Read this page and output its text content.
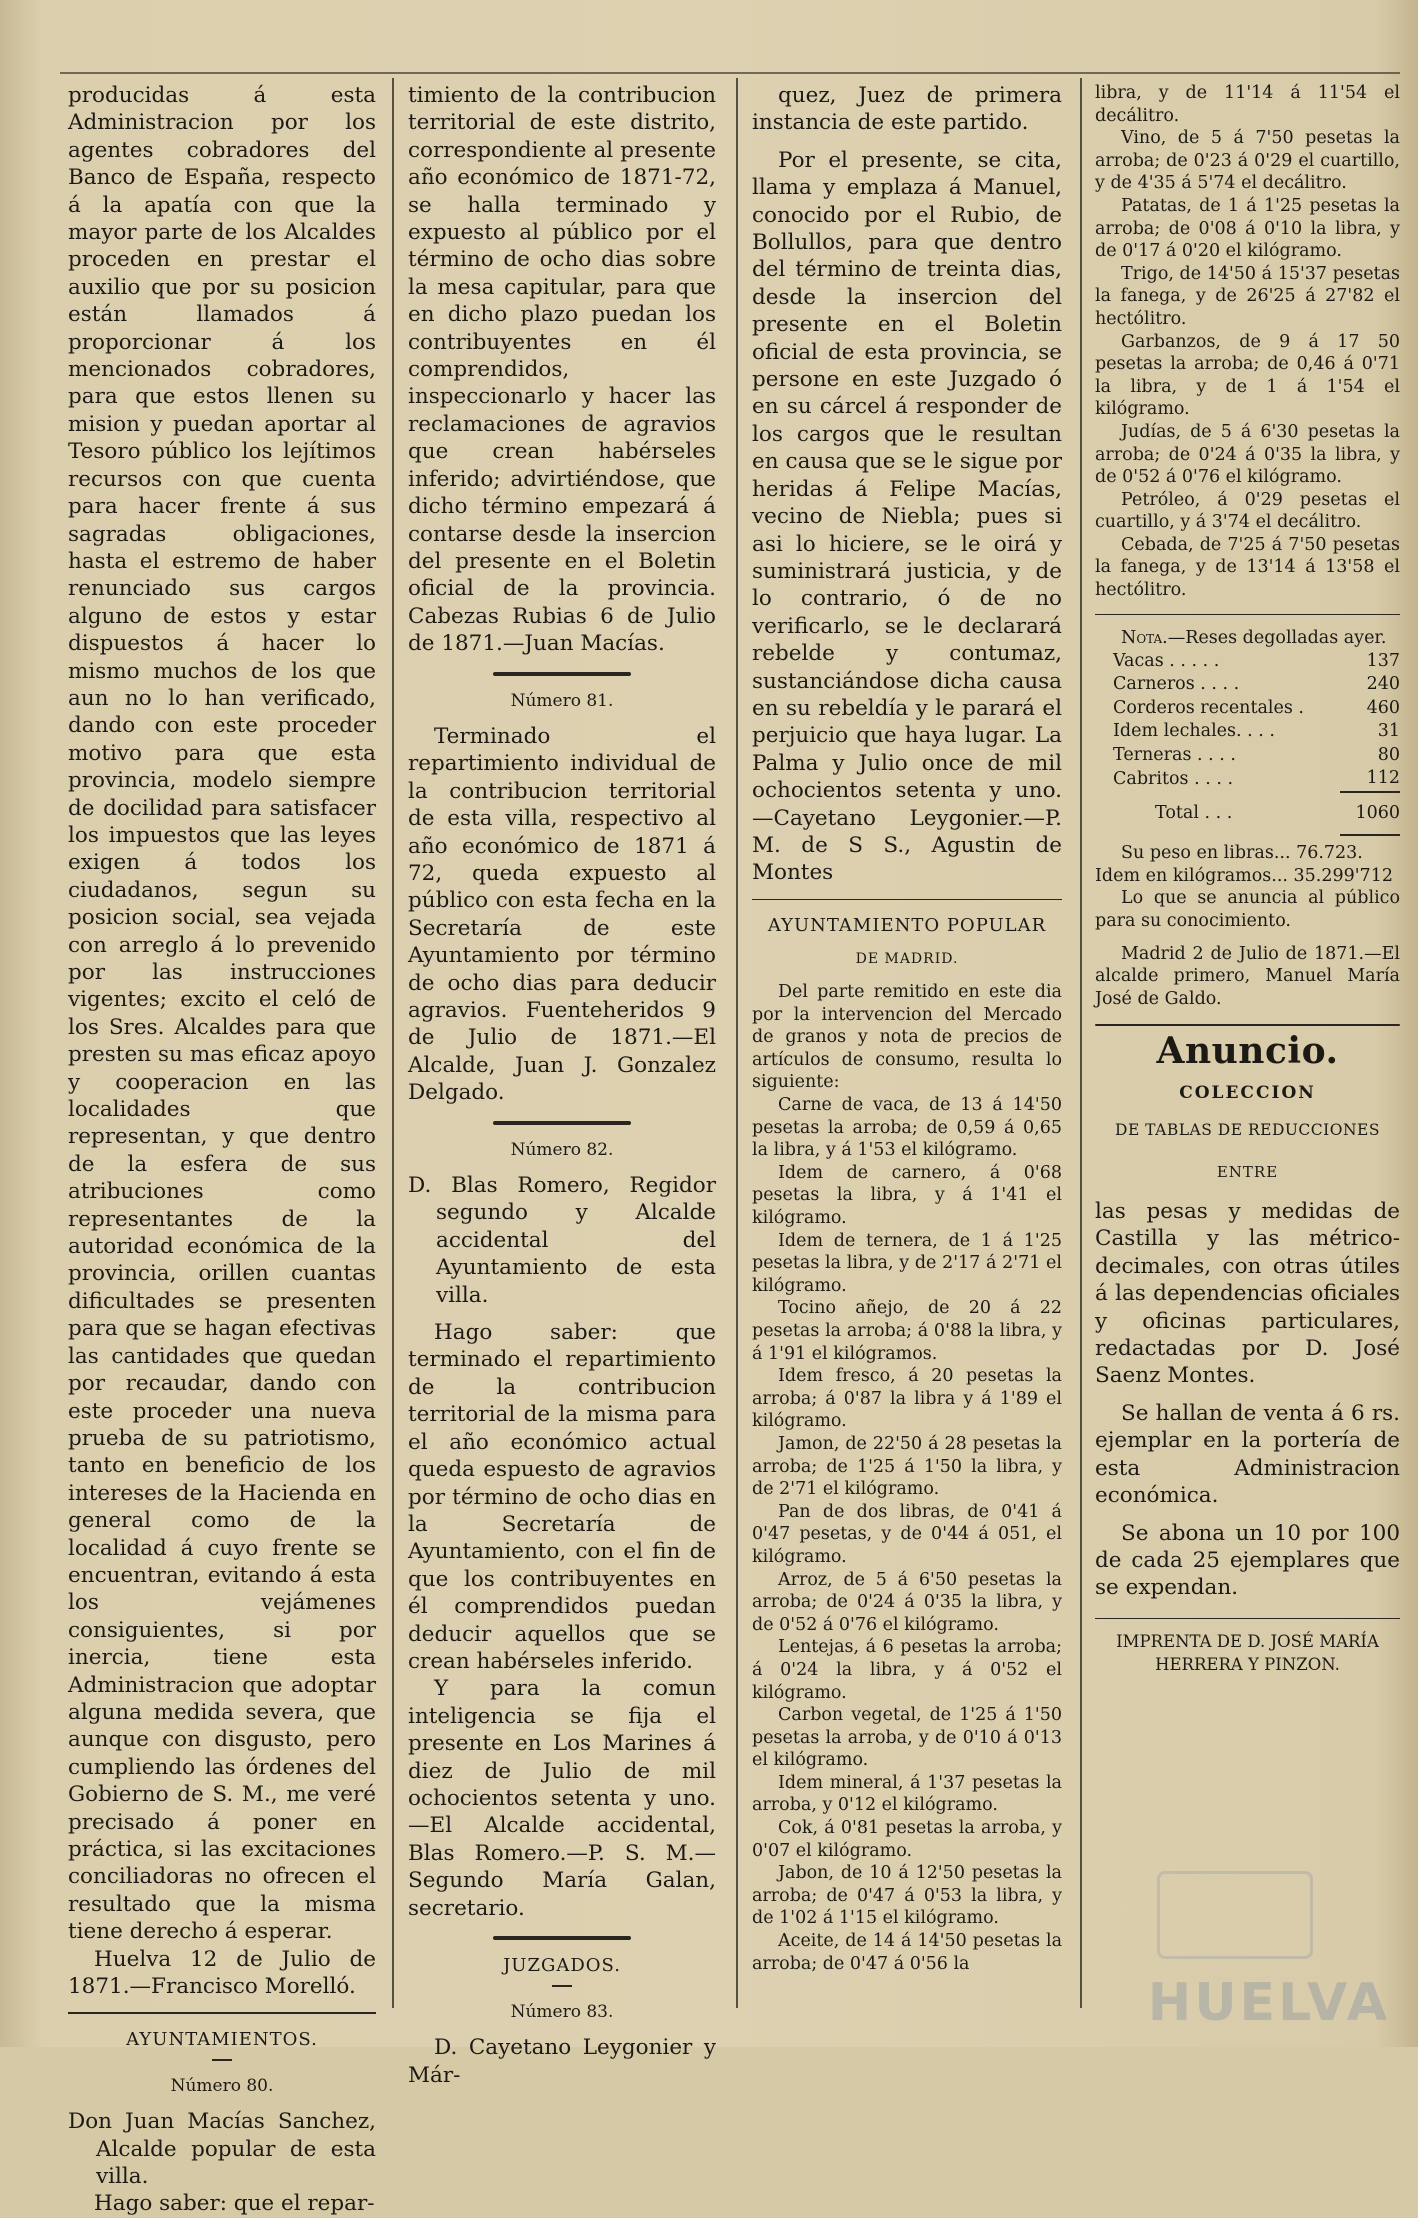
producidas á esta Administracion por los agentes cobradores del Banco de España, respecto á la apatía con que la mayor parte de los Alcaldes proceden en prestar el auxilio que por su posicion están llamados á proporcionar á los mencionados cobradores, para que estos llenen su mision y puedan aportar al Tesoro público los lejítimos recursos con que cuenta para hacer frente á sus sagradas obligaciones, hasta el estremo de haber renunciado sus cargos alguno de estos y estar dispuestos á hacer lo mismo muchos de los que aun no lo han verificado, dando con este proceder motivo para que esta provincia, modelo siempre de docilidad para satisfacer los impuestos que las leyes exigen á todos los ciudadanos, segun su posicion social, sea vejada con arreglo á lo prevenido por las instrucciones vigentes; excito el celó de los Sres. Alcaldes para que presten su mas eficaz apoyo y cooperacion en las localidades que representan, y que dentro de la esfera de sus atribuciones como representantes de la autoridad económica de la provincia, orillen cuantas dificultades se presenten para que se hagan efectivas las cantidades que quedan por recaudar, dando con este proceder una nueva prueba de su patriotismo, tanto en beneficio de los intereses de la Hacienda en general como de la localidad á cuyo frente se encuentran, evitando á esta los vejámenes consiguientes, si por inercia, tiene esta Administracion que adoptar alguna medida severa, que aunque con disgusto, pero cumpliendo las órdenes del Gobierno de S. M., me veré precisado á poner en práctica, si las excitaciones conciliadoras no ofrecen el resultado que la misma tiene derecho á esperar.

Huelva 12 de Julio de 1871.—Francisco Morelló.

AYUNTAMIENTOS.

Número 80.

Don Juan Macías Sanchez, Alcalde popular de esta villa.

Hago saber: que el repar-

timiento de la contribucion territorial de este distrito, correspondiente al presente año económico de 1871-72, se halla terminado y expuesto al público por el término de ocho dias sobre la mesa capitular, para que en dicho plazo puedan los contribuyentes en él comprendidos, inspeccionarlo y hacer las reclamaciones de agravios que crean habérseles inferido; advirtiéndose, que dicho término empezará á contarse desde la insercion del presente en el Boletin oficial de la provincia. Cabezas Rubias 6 de Julio de 1871.—Juan Macías.

Número 81.

Terminado el repartimiento individual de la contribucion territorial de esta villa, respectivo al año económico de 1871 á 72, queda expuesto al público con esta fecha en la Secretaría de este Ayuntamiento por término de ocho dias para deducir agravios. Fuenteheridos 9 de Julio de 1871.—El Alcalde, Juan J. Gonzalez Delgado.

Número 82.

D. Blas Romero, Regidor segundo y Alcalde accidental del Ayuntamiento de esta villa.

Hago saber: que terminado el repartimiento de la contribucion territorial de la misma para el año económico actual queda espuesto de agravios por término de ocho dias en la Secretaría de Ayuntamiento, con el fin de que los contribuyentes en él comprendidos puedan deducir aquellos que se crean habérseles inferido.

Y para la comun inteligencia se fija el presente en Los Marines á diez de Julio de mil ochocientos setenta y uno.—El Alcalde accidental, Blas Romero.—P. S. M.—Segundo María Galan, secretario.

JUZGADOS.

Número 83.

D. Cayetano Leygonier y Már-

quez, Juez de primera instancia de este partido.

Por el presente, se cita, llama y emplaza á Manuel, conocido por el Rubio, de Bollullos, para que dentro del término de treinta dias, desde la insercion del presente en el Boletin oficial de esta provincia, se persone en este Juzgado ó en su cárcel á responder de los cargos que le resultan en causa que se le sigue por heridas á Felipe Macías, vecino de Niebla; pues si asi lo hiciere, se le oirá y suministrará justicia, y de lo contrario, ó de no verificarlo, se le declarará rebelde y contumaz, sustanciándose dicha causa en su rebeldía y le parará el perjuicio que haya lugar. La Palma y Julio once de mil ochocientos setenta y uno.—Cayetano Leygonier.—P. M. de S S., Agustin de Montes

AYUNTAMIENTO POPULAR

DE MADRID.

Del parte remitido en este dia por la intervencion del Mercado de granos y nota de precios de artículos de consumo, resulta lo siguiente:

Carne de vaca, de 13 á 14'50 pesetas la arroba; de 0,59 á 0,65 la libra, y á 1'53 el kilógramo.

Idem de carnero, á 0'68 pesetas la libra, y á 1'41 el kilógramo.

Idem de ternera, de 1 á 1'25 pesetas la libra, y de 2'17 á 2'71 el kilógramo.

Tocino añejo, de 20 á 22 pesetas la arroba; á 0'88 la libra, y á 1'91 el kilógramos.

Idem fresco, á 20 pesetas la arroba; á 0'87 la libra y á 1'89 el kilógramo.

Jamon, de 22'50 á 28 pesetas la arroba; de 1'25 á 1'50 la libra, y de 2'71 el kilógramo.

Pan de dos libras, de 0'41 á 0'47 pesetas, y de 0'44 á 051, el kilógramo.

Arroz, de 5 á 6'50 pesetas la arroba; de 0'24 á 0'35 la libra, y de 0'52 á 0'76 el kilógramo.

Lentejas, á 6 pesetas la arroba; á 0'24 la libra, y á 0'52 el kilógramo.

Carbon vegetal, de 1'25 á 1'50 pesetas la arroba, y de 0'10 á 0'13 el kilógramo.

Idem mineral, á 1'37 pesetas la arroba, y 0'12 el kilógramo.

Cok, á 0'81 pesetas la arroba, y 0'07 el kilógramo.

Jabon, de 10 á 12'50 pesetas la arroba; de 0'47 á 0'53 la libra, y de 1'02 á 1'15 el kilógramo.

Aceite, de 14 á 14'50 pesetas la arroba; de 0'47 á 0'56 la

libra, y de 11'14 á 11'54 el decálitro.

Vino, de 5 á 7'50 pesetas la arroba; de 0'23 á 0'29 el cuartillo, y de 4'35 á 5'74 el decálitro.

Patatas, de 1 á 1'25 pesetas la arroba; de 0'08 á 0'10 la libra, y de 0'17 á 0'20 el kilógramo.

Trigo, de 14'50 á 15'37 pesetas la fanega, y de 26'25 á 27'82 el hectólitro.

Garbanzos, de 9 á 17 50 pesetas la arroba; de 0,46 á 0'71 la libra, y de 1 á 1'54 el kilógramo.

Judías, de 5 á 6'30 pesetas la arroba; de 0'24 á 0'35 la libra, y de 0'52 á 0'76 el kilógramo.

Petróleo, á 0'29 pesetas el cuartillo, y á 3'74 el decálitro.

Cebada, de 7'25 á 7'50 pesetas la fanega, y de 13'14 á 13'58 el hectólitro.

Nota.—Reses degolladas ayer.

Vacas . . . . .	137
Carneros . . . .	240
Corderos recentales .	460
Idem lechales. . . .	31
Terneras . . . .	80
Cabritos . . . .	112
Total . . .	1060

Su peso en libras... 76.723.

Idem en kilógramos... 35.299'712

Lo que se anuncia al público para su conocimiento.

Madrid 2 de Julio de 1871.—El alcalde primero, Manuel María José de Galdo.

Anuncio.

COLECCION

DE TABLAS DE REDUCCIONES

ENTRE

las pesas y medidas de Castilla y las métrico-decimales, con otras útiles á las dependencias oficiales y oficinas particulares, redactadas por D. José Saenz Montes.

Se hallan de venta á 6 rs. ejemplar en la portería de esta Administracion económica.

Se abona un 10 por 100 de cada 25 ejemplares que se expendan.

IMPRENTA DE D. JOSÉ MARÍA HERRERA Y PINZON.

HUELVA
